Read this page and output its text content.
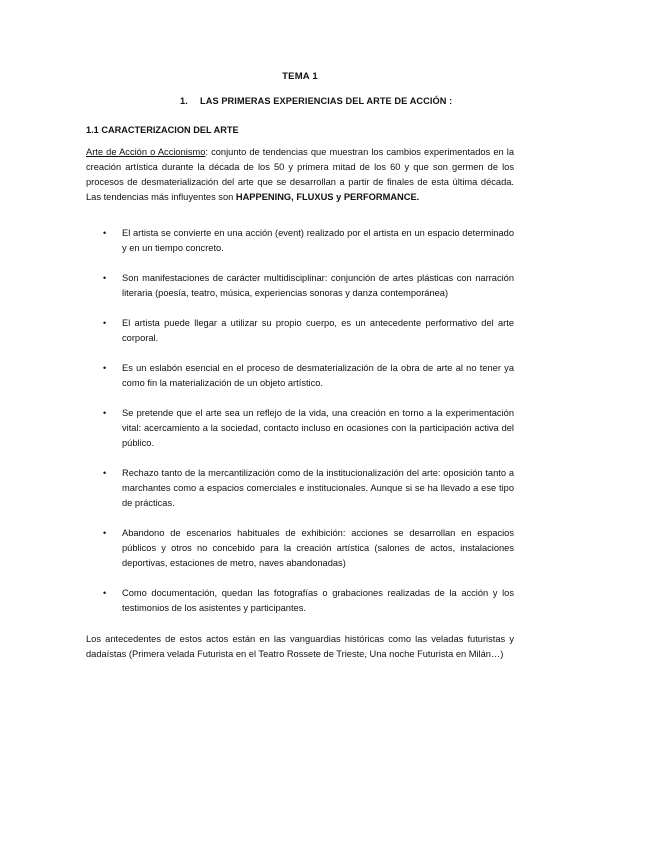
TEMA 1
1. LAS PRIMERAS EXPERIENCIAS DEL ARTE DE ACCIÓN :
1.1 CARACTERIZACION DEL ARTE

Arte de Acción o Accionismo: conjunto de tendencias que muestran los cambios experimentados en la creación artística durante la década de los 50 y primera mitad de los 60 y que son germen de los procesos de desmaterialización del arte que se desarrollan a partir de finales de esta última década. Las tendencias más influyentes son HAPPENING, FLUXUS y PERFORMANCE.

• El artista se convierte en una acción (event) realizado por el artista en un espacio determinado y en un tiempo concreto.
• Son manifestaciones de carácter multidisciplinar: conjunción de artes plásticas con narración literaria (poesía, teatro, música, experiencias sonoras y danza contemporánea)
• El artista puede llegar a utilizar su propio cuerpo, es un antecedente performativo del arte corporal.
• Es un eslabón esencial en el proceso de desmaterialización de la obra de arte al no tener ya como fin la materialización de un objeto artístico.
• Se pretende que el arte sea un reflejo de la vida, una creación en torno a la experimentación vital: acercamiento a la sociedad, contacto incluso en ocasiones con la participación activa del público.
• Rechazo tanto de la mercantilización como de la institucionalización del arte: oposición tanto a marchantes como a espacios comerciales e institucionales. Aunque si se ha llevado a ese tipo de prácticas.
• Abandono de escenarios habituales de exhibición: acciones se desarrollan en espacios públicos y otros no concebido para la creación artística (salones de actos, instalaciones deportivas, estaciones de metro, naves abandonadas)
• Como documentación, quedan las fotografías o grabaciones realizadas de la acción y los testimonios de los asistentes y participantes.

Los antecedentes de estos actos están en las vanguardias históricas como las veladas futuristas y dadaístas (Primera velada Futurista en el Teatro Rossete de Trieste, Una noche Futurista en Milán…)
